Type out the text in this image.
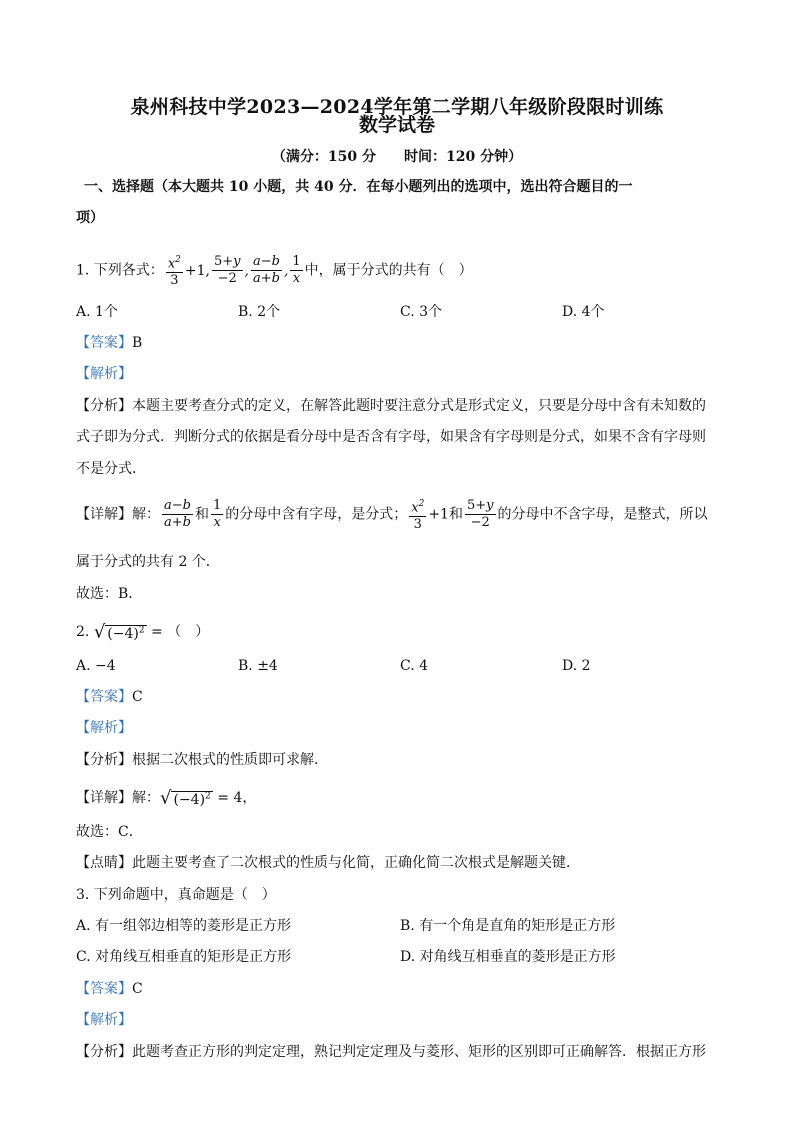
泉州科技中学2023—2024学年第二学期八年级阶段限时训练
数学试卷
（满分：150 分　　时间：120 分钟）
一、选择题（本大题共 10 小题，共 40 分．在每小题列出的选项中，选出符合题目的一
项）
1. 下列各式： $\frac{x^2}{3} +1$, $\frac{5+y}{-2}$ , $\frac{a-b}{a+b}$ , $\frac{1}{x}$ 中，属于分式的共有（　）
A. 1个	B. 2个	C. 3个	D. 4个
【答案】B
【解析】
【分析】本题主要考查分式的定义，在解答此题时要注意分式是形式定义，只要是分母中含有未知数的
式子即为分式．判断分式的依据是看分母中是否含有字母，如果含有字母则是分式，如果不含有字母则
不是分式．
【详解】解： $\frac{a-b}{a+b}$ 和 $\frac{1}{x}$ 的分母中含有字母，是分式； $\frac{x^2}{3} +1$和 $\frac{5+y}{-2}$ 的分母中不含字母，是整式，所以
属于分式的共有 2 个．
故选：B．
2. √ $(-4)^2$ = （　）
A. −4	B. ±4	C. 4	D. 2
【答案】C
【解析】
【分析】根据二次根式的性质即可求解．
【详解】解：√ $(-4)^2 = 4$，
故选：C．
【点睛】此题主要考查了二次根式的性质与化简，正确化简二次根式是解题关键．
3. 下列命题中，真命题是（　）
A. 有一组邻边相等的菱形是正方形	B. 有一个角是直角的矩形是正方形
C. 对角线互相垂直的矩形是正方形	D. 对角线互相垂直的菱形是正方形
【答案】C
【解析】
【分析】此题考查正方形的判定定理，熟记判定定理及与菱形、矩形的区别即可正确解答．根据正方形
